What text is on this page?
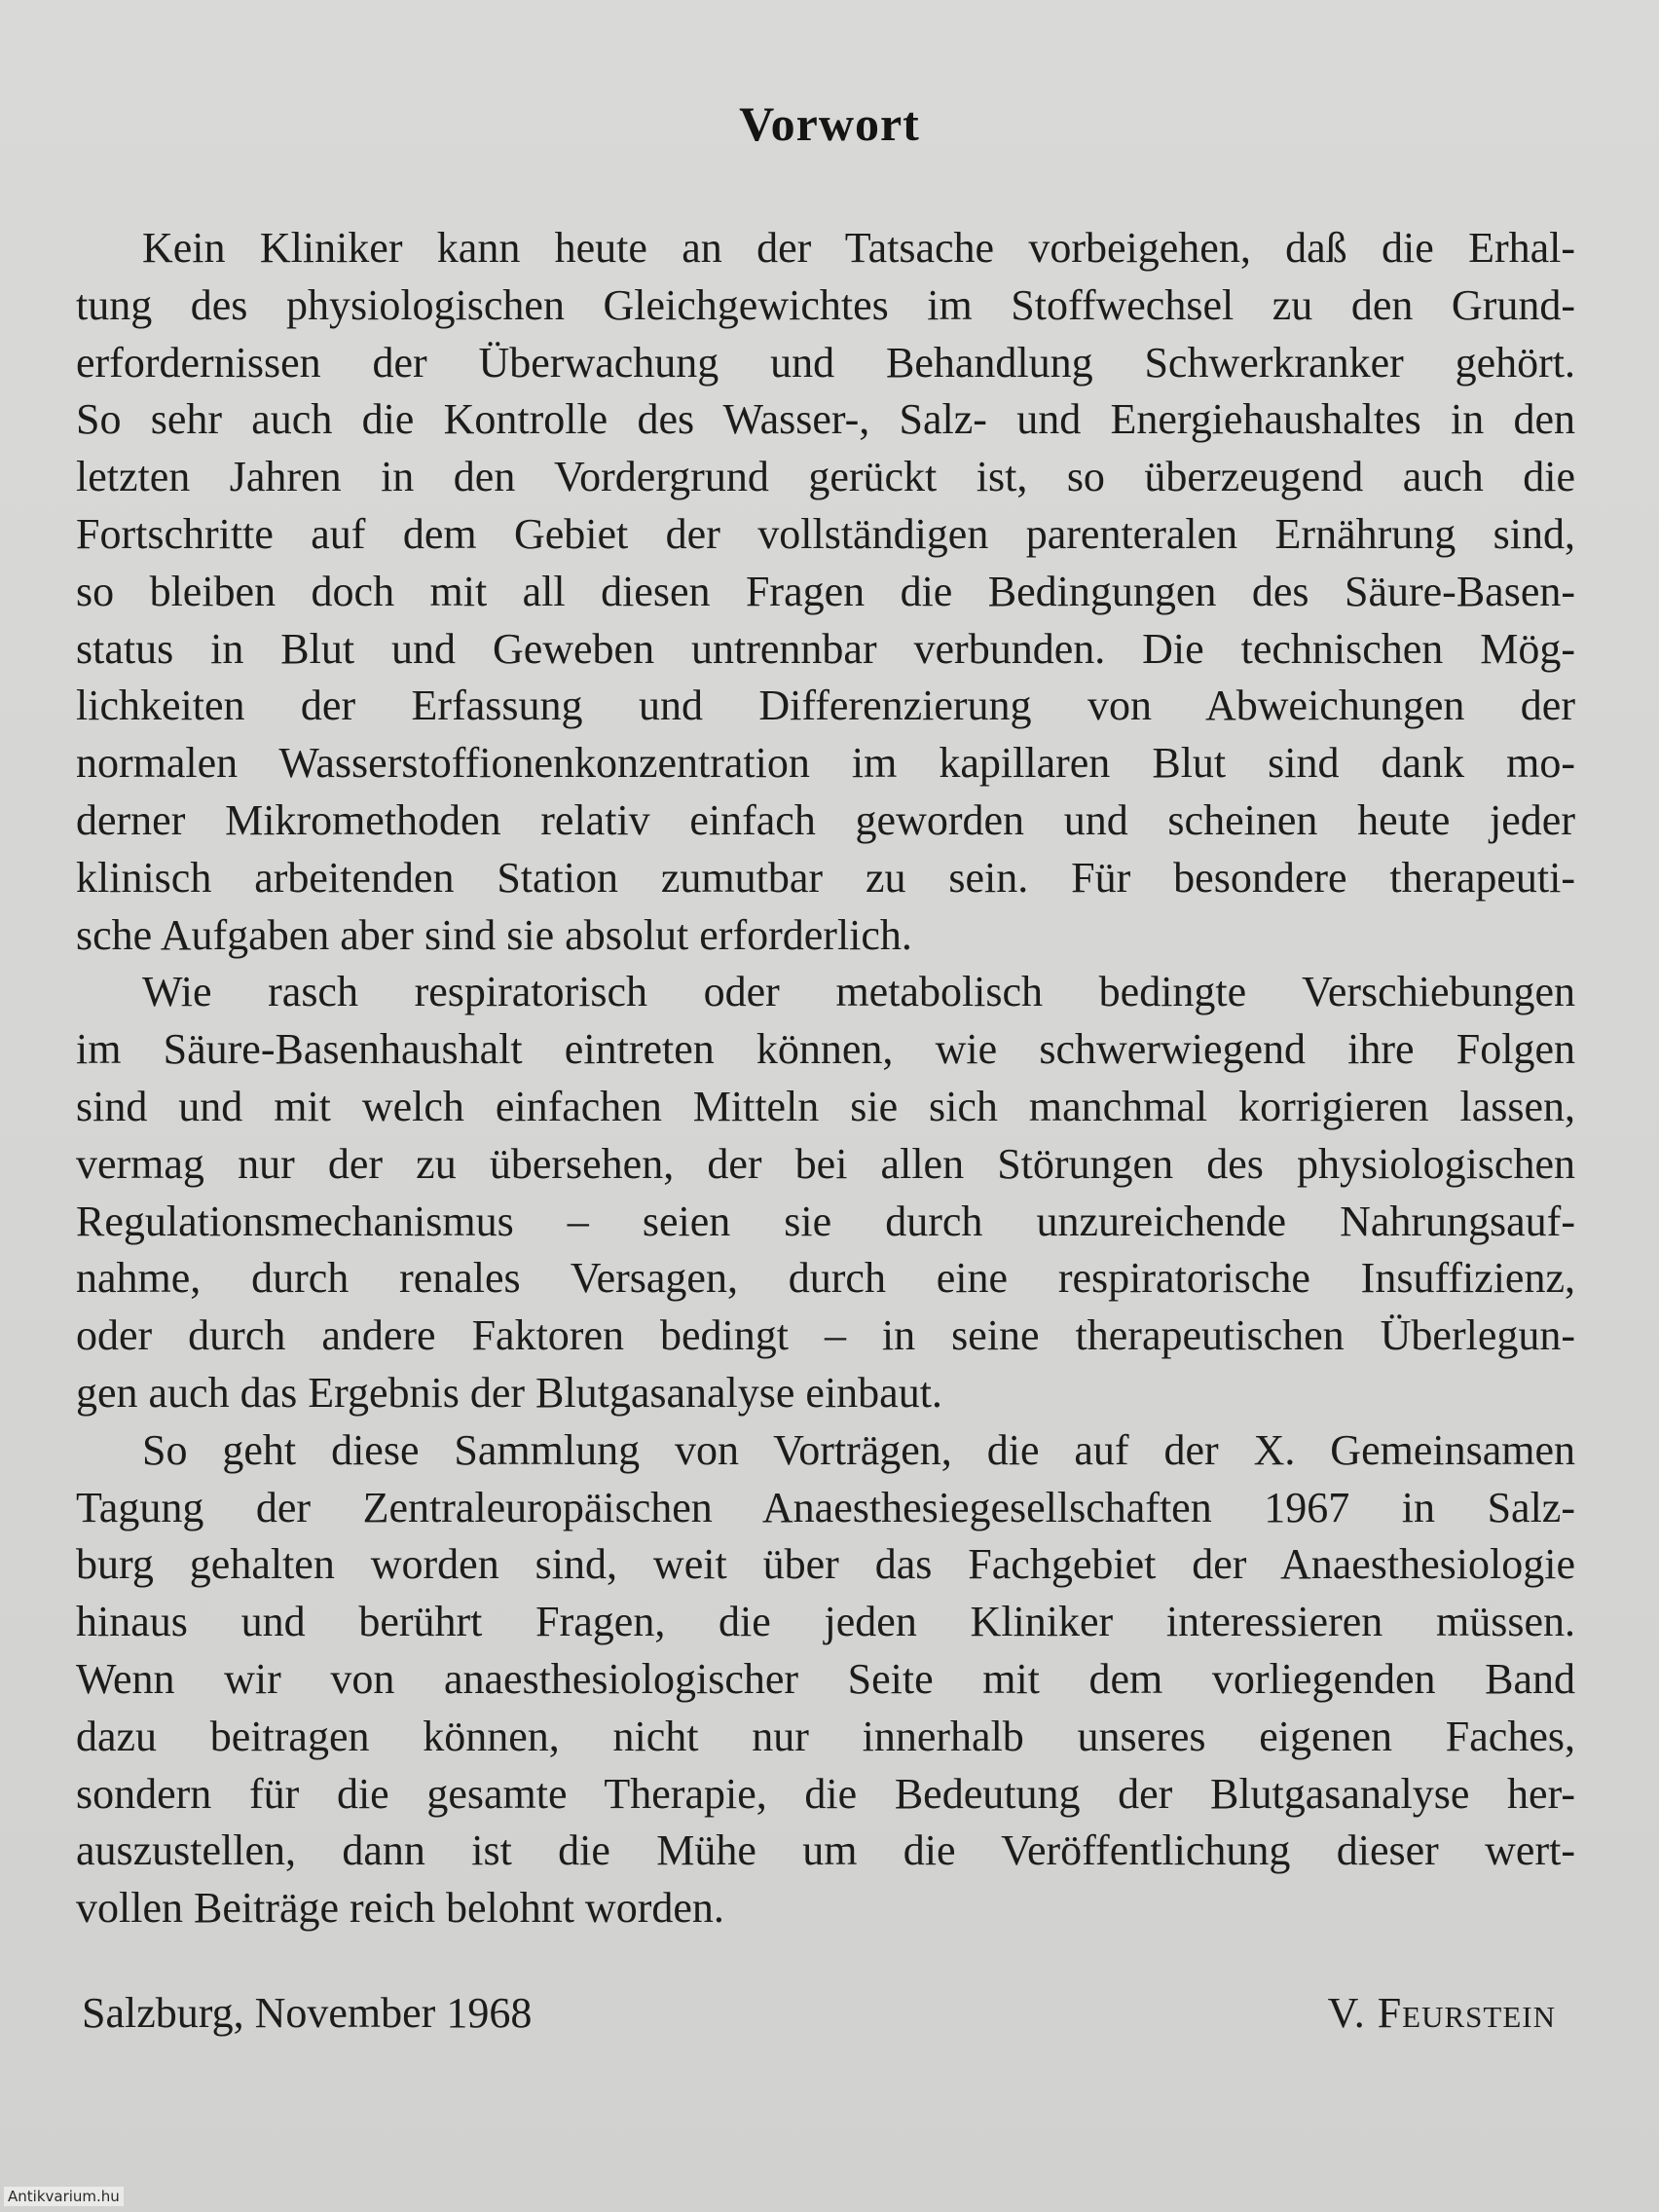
Vorwort
Kein Kliniker kann heute an der Tatsache vorbeigehen, daß die Erhal-
tung des physiologischen Gleichgewichtes im Stoffwechsel zu den Grund-
erfordernissen der Überwachung und Behandlung Schwerkranker gehört.
So sehr auch die Kontrolle des Wasser-, Salz- und Energiehaushaltes in den
letzten Jahren in den Vordergrund gerückt ist, so überzeugend auch die
Fortschritte auf dem Gebiet der vollständigen parenteralen Ernährung sind,
so bleiben doch mit all diesen Fragen die Bedingungen des Säure-Basen-
status in Blut und Geweben untrennbar verbunden. Die technischen Mög-
lichkeiten der Erfassung und Differenzierung von Abweichungen der
normalen Wasserstoffionenkonzentration im kapillaren Blut sind dank mo-
derner Mikromethoden relativ einfach geworden und scheinen heute jeder
klinisch arbeitenden Station zumutbar zu sein. Für besondere therapeuti-
sche Aufgaben aber sind sie absolut erforderlich.
Wie rasch respiratorisch oder metabolisch bedingte Verschiebungen
im Säure-Basenhaushalt eintreten können, wie schwerwiegend ihre Folgen
sind und mit welch einfachen Mitteln sie sich manchmal korrigieren lassen,
vermag nur der zu übersehen, der bei allen Störungen des physiologischen
Regulationsmechanismus – seien sie durch unzureichende Nahrungsauf-
nahme, durch renales Versagen, durch eine respiratorische Insuffizienz,
oder durch andere Faktoren bedingt – in seine therapeutischen Überlegun-
gen auch das Ergebnis der Blutgasanalyse einbaut.
So geht diese Sammlung von Vorträgen, die auf der X. Gemeinsamen
Tagung der Zentraleuropäischen Anaesthesiegesellschaften 1967 in Salz-
burg gehalten worden sind, weit über das Fachgebiet der Anaesthesiologie
hinaus und berührt Fragen, die jeden Kliniker interessieren müssen.
Wenn wir von anaesthesiologischer Seite mit dem vorliegenden Band
dazu beitragen können, nicht nur innerhalb unseres eigenen Faches,
sondern für die gesamte Therapie, die Bedeutung der Blutgasanalyse her-
auszustellen, dann ist die Mühe um die Veröffentlichung dieser wert-
vollen Beiträge reich belohnt worden.
Salzburg, November 1968	V. Feurstein
Antikvarium.hu
